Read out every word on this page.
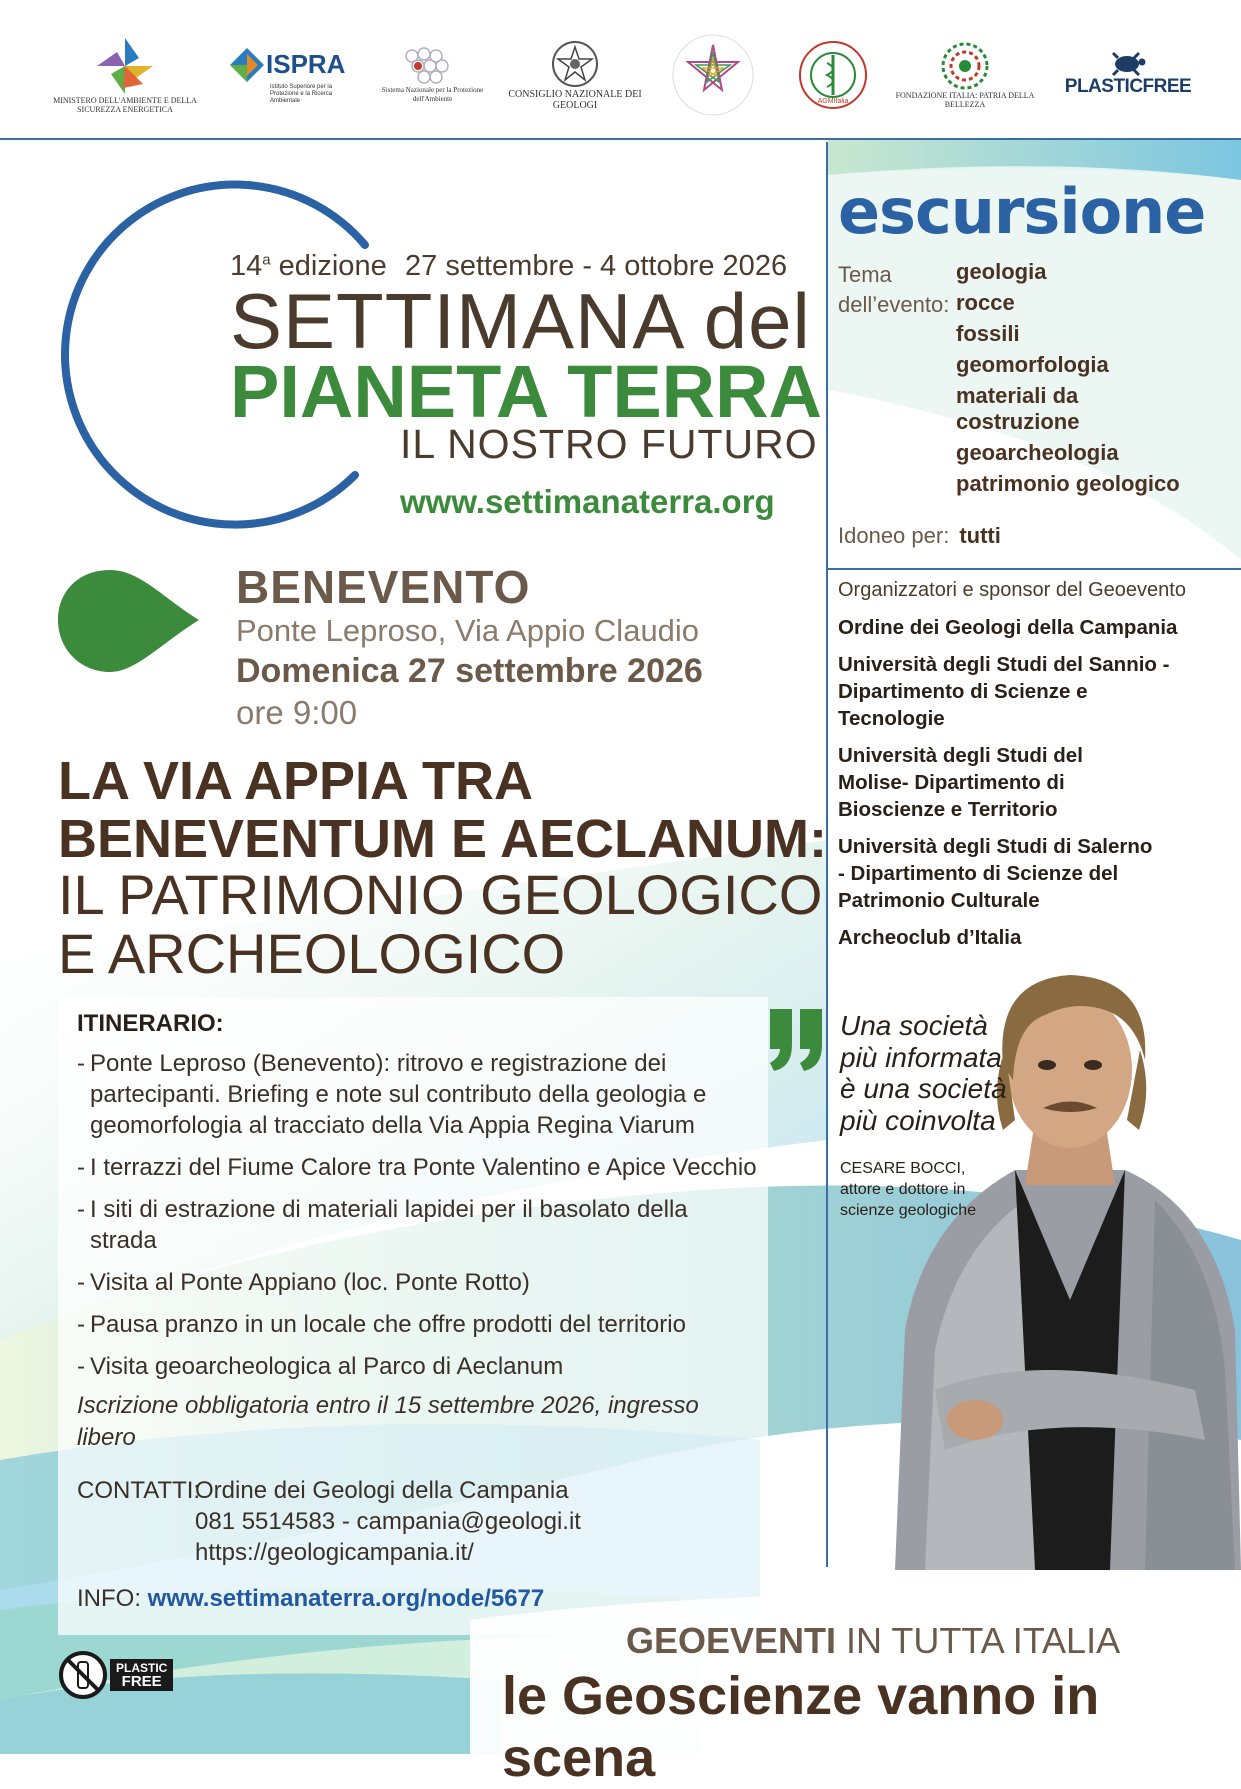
MINISTERO DELL'AMBIENTE E DELLA SICUREZZA ENERGETICA
ISPRA
Istituto Superiore per la Protezione e la Ricerca Ambientale
Sistema Nazionale per la Protezione dell'Ambiente	CONSIGLIO NAZIONALE DEI GEOLOGI	AGMItalia
FONDAZIONE ITALIA: PATRIA DELLA BELLEZZA
PLASTICFREE
14$^a$ edizione 27 settembre - 4 ottobre 2026
SETTIMANA del
PIANETA TERRA
IL NOSTRO FUTURO
www.settimanaterra.org
BENEVENTO
Ponte Leproso, Via Appio Claudio
Domenica 27 settembre 2026
ore 9:00
LA VIA APPIA TRA
BENEVENTUM E AECLANUM:
IL PATRIMONIO GEOLOGICO
E ARCHEOLOGICO
ITINERARIO:
- Ponte Leproso (Benevento): ritrovo e registrazione dei partecipanti. Briefing e note sul contributo della geologia e geomorfologia al tracciato della Via Appia Regina Viarum
- I terrazzi del Fiume Calore tra Ponte Valentino e Apice Vecchio
- I siti di estrazione di materiali lapidei per il basolato della strada
- Visita al Ponte Appiano (loc. Ponte Rotto)
- Pausa pranzo in un locale che offre prodotti del territorio
- Visita geoarcheologica al Parco di Aeclanum
Iscrizione obbligatoria entro il 15 settembre 2026, ingresso libero
CONTATTI:
Ordine dei Geologi della Campania
081 5514583 - campania@geologi.it
https://geologicampania.it/
INFO: www.settimanaterra.org/node/5677
escursione
Tema
dell’evento:
geologia
rocce
fossili
geomorfologia
materiali da costruzione
geoarcheologia
patrimonio geologico
Idoneo per: tutti
Organizzatori e sponsor del Geoevento
Ordine dei Geologi della Campania
Università degli Studi del Sannio - Dipartimento di Scienze e Tecnologie
Università degli Studi del Molise- Dipartimento di Bioscienze e Territorio
Università degli Studi di Salerno - Dipartimento di Scienze del Patrimonio Culturale
Archeoclub d’Italia
Una società
più informata
è una società
più coinvolta
CESARE BOCCI,
attore e dottore in
scienze geologiche
GEOEVENTI IN TUTTA ITALIA
le Geoscienze vanno in scena
PLASTIC
FREE
